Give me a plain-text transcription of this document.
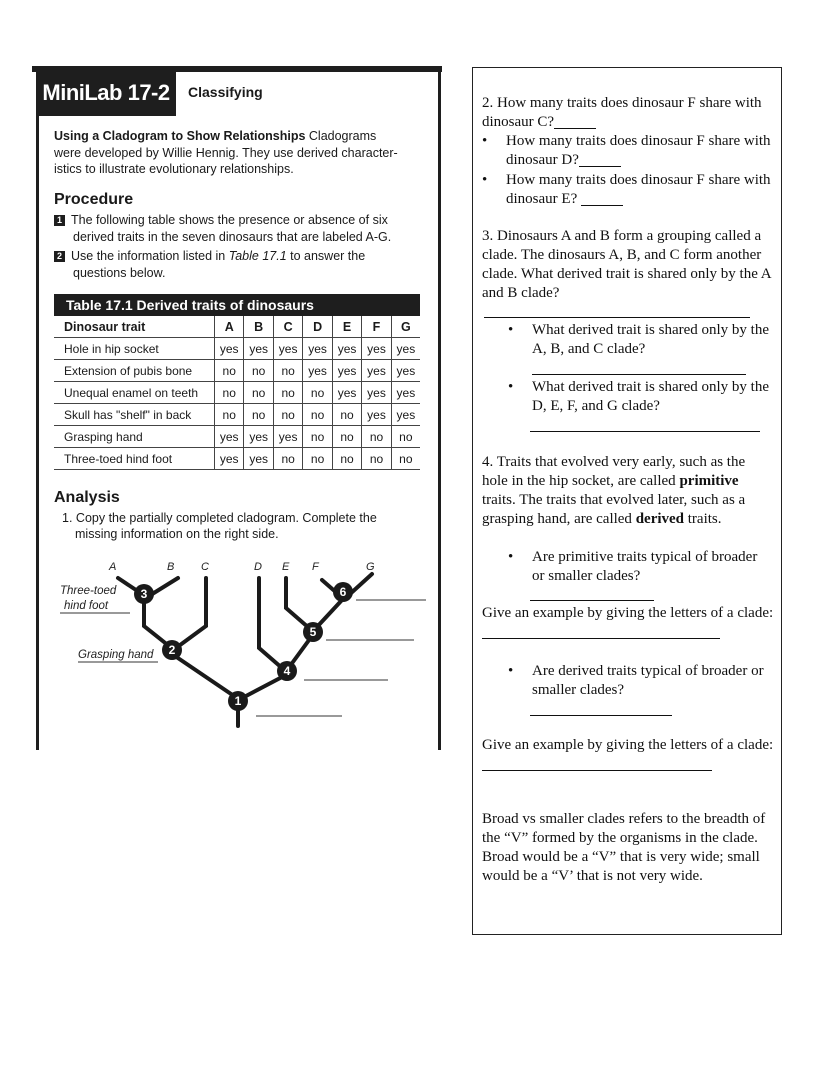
MiniLab 17-2	Classifying
Using a Cladogram to Show Relationships Cladograms
were developed by Willie Hennig. They use derived character-
istics to illustrate evolutionary relationships.
Procedure
1 The following table shows the presence or absence of six
derived traits in the seven dinosaurs that are labeled A-G.
2 Use the information listed in Table 17.1 to answer the
questions below.
Table 17.1 Derived traits of dinosaurs
Dinosaur trait	A	B	C	D	E	F	G
Hole in hip socket	yes	yes	yes	yes	yes	yes	yes
Extension of pubis bone	no	no	no	yes	yes	yes	yes
Unequal enamel on teeth	no	no	no	no	yes	yes	yes
Skull has "shelf" in back	no	no	no	no	no	yes	yes
Grasping hand	yes	yes	yes	no	no	no	no
Three-toed hind foot	yes	yes	no	no	no	no	no
Analysis
1. Copy the partially completed cladogram. Complete the
missing information on the right side.
A	B C	D E F	G
3
2
1
4
5
6
Three-toed
hind foot
Grasping hand
2. How many traits does dinosaur F share with dinosaur C?
• How many traits does dinosaur F share with dinosaur D?
• How many traits does dinosaur F share with dinosaur E?
3. Dinosaurs A and B form a grouping called a clade. The dinosaurs A, B, and C form another clade. What derived trait is shared only by the A and B clade?
• What derived trait is shared only by the A, B, and C clade?
• What derived trait is shared only by the D, E, F, and G clade?
4. Traits that evolved very early, such as the hole in the hip socket, are called primitive traits. The traits that evolved later, such as a grasping hand, are called derived traits.
• Are primitive traits typical of broader or smaller clades?
Give an example by giving the letters of a clade:
• Are derived traits typical of broader or smaller clades?
Give an example by giving the letters of a clade:
Broad vs smaller clades refers to the breadth of the “V” formed by the organisms in the clade. Broad would be a “V” that is very wide; small would be a “V’ that is not very wide.
